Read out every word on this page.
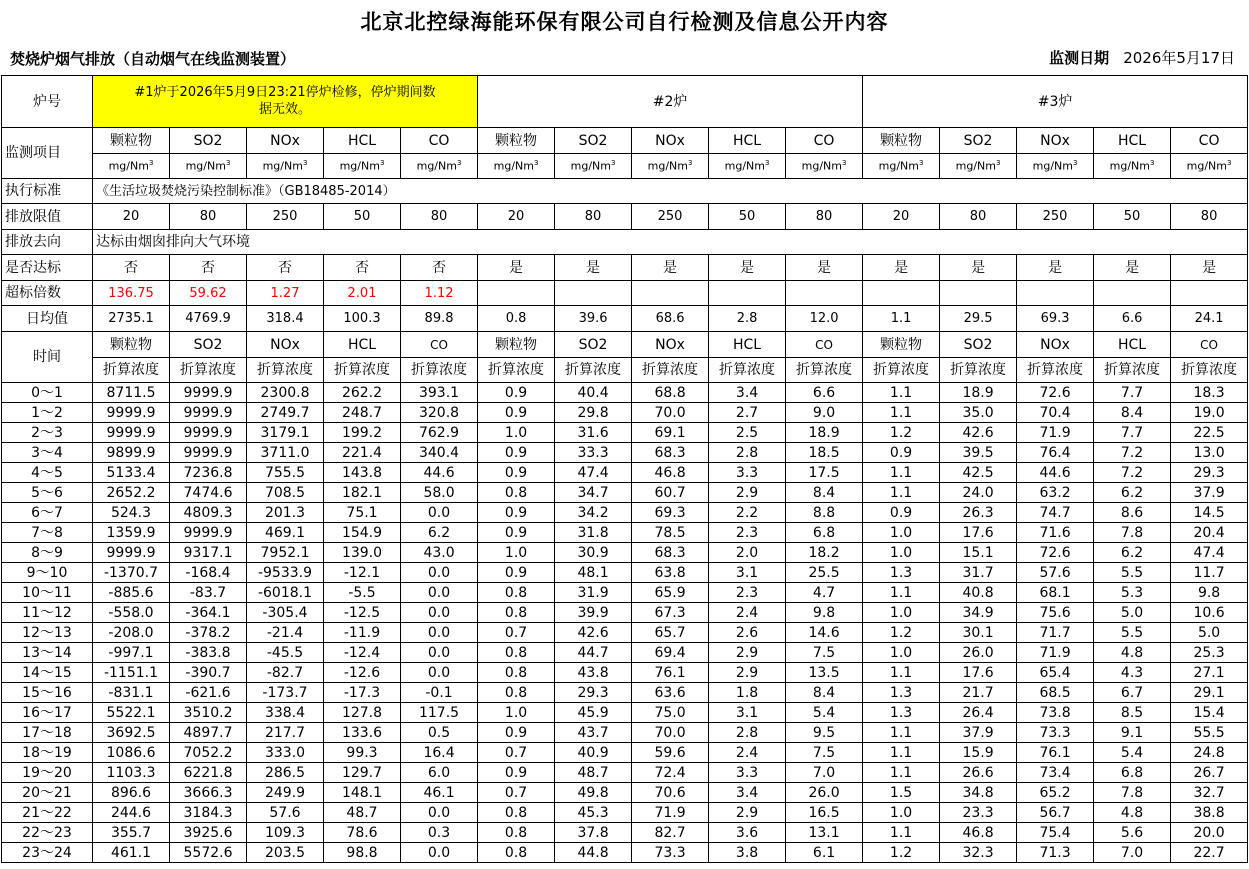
北京北控绿海能环保有限公司自行检测及信息公开内容
焚烧炉烟气排放（自动烟气在线监测装置）	监测日期 2026年5月17日
炉号	#1炉于2026年5月9日23:21停炉检修，停炉期间数据无效。					#2炉					#3炉				
监测项目	颗粒物	SO2	NOx	HCL	CO	颗粒物	SO2	NOx	HCL	CO	颗粒物	SO2	NOx	HCL	CO
	mg/Nm$^3$	mg/Nm$^3$	mg/Nm$^3$	mg/Nm$^3$	mg/Nm$^3$	mg/Nm$^3$	mg/Nm$^3$	mg/Nm$^3$	mg/Nm$^3$	mg/Nm$^3$	mg/Nm$^3$	mg/Nm$^3$	mg/Nm$^3$	mg/Nm$^3$	mg/Nm$^3$
执行标准	《生活垃圾焚烧污染控制标准》（GB18485-2014）														
排放限值	20	80	250	50	80	20	80	250	50	80	20	80	250	50	80
排放去向	达标由烟囱排向大气环境														
是否达标	否	否	否	否	否	是	是	是	是	是	是	是	是	是	是
超标倍数	136.75	59.62	1.27	2.01	1.12										
日均值	2735.1	4769.9	318.4	100.3	89.8	0.8	39.6	68.6	2.8	12.0	1.1	29.5	69.3	6.6	24.1
时间	颗粒物	SO2	NOx	HCL	CO	颗粒物	SO2	NOx	HCL	CO	颗粒物	SO2	NOx	HCL	CO
	折算浓度	折算浓度	折算浓度	折算浓度	折算浓度	折算浓度	折算浓度	折算浓度	折算浓度	折算浓度	折算浓度	折算浓度	折算浓度	折算浓度	折算浓度
0～1	8711.5	9999.9	2300.8	262.2	393.1	0.9	40.4	68.8	3.4	6.6	1.1	18.9	72.6	7.7	18.3
1～2	9999.9	9999.9	2749.7	248.7	320.8	0.9	29.8	70.0	2.7	9.0	1.1	35.0	70.4	8.4	19.0
2～3	9999.9	9999.9	3179.1	199.2	762.9	1.0	31.6	69.1	2.5	18.9	1.2	42.6	71.9	7.7	22.5
3～4	9899.9	9999.9	3711.0	221.4	340.4	0.9	33.3	68.3	2.8	18.5	0.9	39.5	76.4	7.2	13.0
4～5	5133.4	7236.8	755.5	143.8	44.6	0.9	47.4	46.8	3.3	17.5	1.1	42.5	44.6	7.2	29.3
5～6	2652.2	7474.6	708.5	182.1	58.0	0.8	34.7	60.7	2.9	8.4	1.1	24.0	63.2	6.2	37.9
6～7	524.3	4809.3	201.3	75.1	0.0	0.9	34.2	69.3	2.2	8.8	0.9	26.3	74.7	8.6	14.5
7～8	1359.9	9999.9	469.1	154.9	6.2	0.9	31.8	78.5	2.3	6.8	1.0	17.6	71.6	7.8	20.4
8～9	9999.9	9317.1	7952.1	139.0	43.0	1.0	30.9	68.3	2.0	18.2	1.0	15.1	72.6	6.2	47.4
9～10	-1370.7	-168.4	-9533.9	-12.1	0.0	0.9	48.1	63.8	3.1	25.5	1.3	31.7	57.6	5.5	11.7
10～11	-885.6	-83.7	-6018.1	-5.5	0.0	0.8	31.9	65.9	2.3	4.7	1.1	40.8	68.1	5.3	9.8
11～12	-558.0	-364.1	-305.4	-12.5	0.0	0.8	39.9	67.3	2.4	9.8	1.0	34.9	75.6	5.0	10.6
12～13	-208.0	-378.2	-21.4	-11.9	0.0	0.7	42.6	65.7	2.6	14.6	1.2	30.1	71.7	5.5	5.0
13～14	-997.1	-383.8	-45.5	-12.4	0.0	0.8	44.7	69.4	2.9	7.5	1.0	26.0	71.9	4.8	25.3
14～15	-1151.1	-390.7	-82.7	-12.6	0.0	0.8	43.8	76.1	2.9	13.5	1.1	17.6	65.4	4.3	27.1
15～16	-831.1	-621.6	-173.7	-17.3	-0.1	0.8	29.3	63.6	1.8	8.4	1.3	21.7	68.5	6.7	29.1
16～17	5522.1	3510.2	338.4	127.8	117.5	1.0	45.9	75.0	3.1	5.4	1.3	26.4	73.8	8.5	15.4
17～18	3692.5	4897.7	217.7	133.6	0.5	0.9	43.7	70.0	2.8	9.5	1.1	37.9	73.3	9.1	55.5
18～19	1086.6	7052.2	333.0	99.3	16.4	0.7	40.9	59.6	2.4	7.5	1.1	15.9	76.1	5.4	24.8
19～20	1103.3	6221.8	286.5	129.7	6.0	0.9	48.7	72.4	3.3	7.0	1.1	26.6	73.4	6.8	26.7
20～21	896.6	3666.3	249.9	148.1	46.1	0.7	49.8	70.6	3.4	26.0	1.5	34.8	65.2	7.8	32.7
21～22	244.6	3184.3	57.6	48.7	0.0	0.8	45.3	71.9	2.9	16.5	1.0	23.3	56.7	4.8	38.8
22～23	355.7	3925.6	109.3	78.6	0.3	0.8	37.8	82.7	3.6	13.1	1.1	46.8	75.4	5.6	20.0
23～24	461.1	5572.6	203.5	98.8	0.0	0.8	44.8	73.3	3.8	6.1	1.2	32.3	71.3	7.0	22.7
